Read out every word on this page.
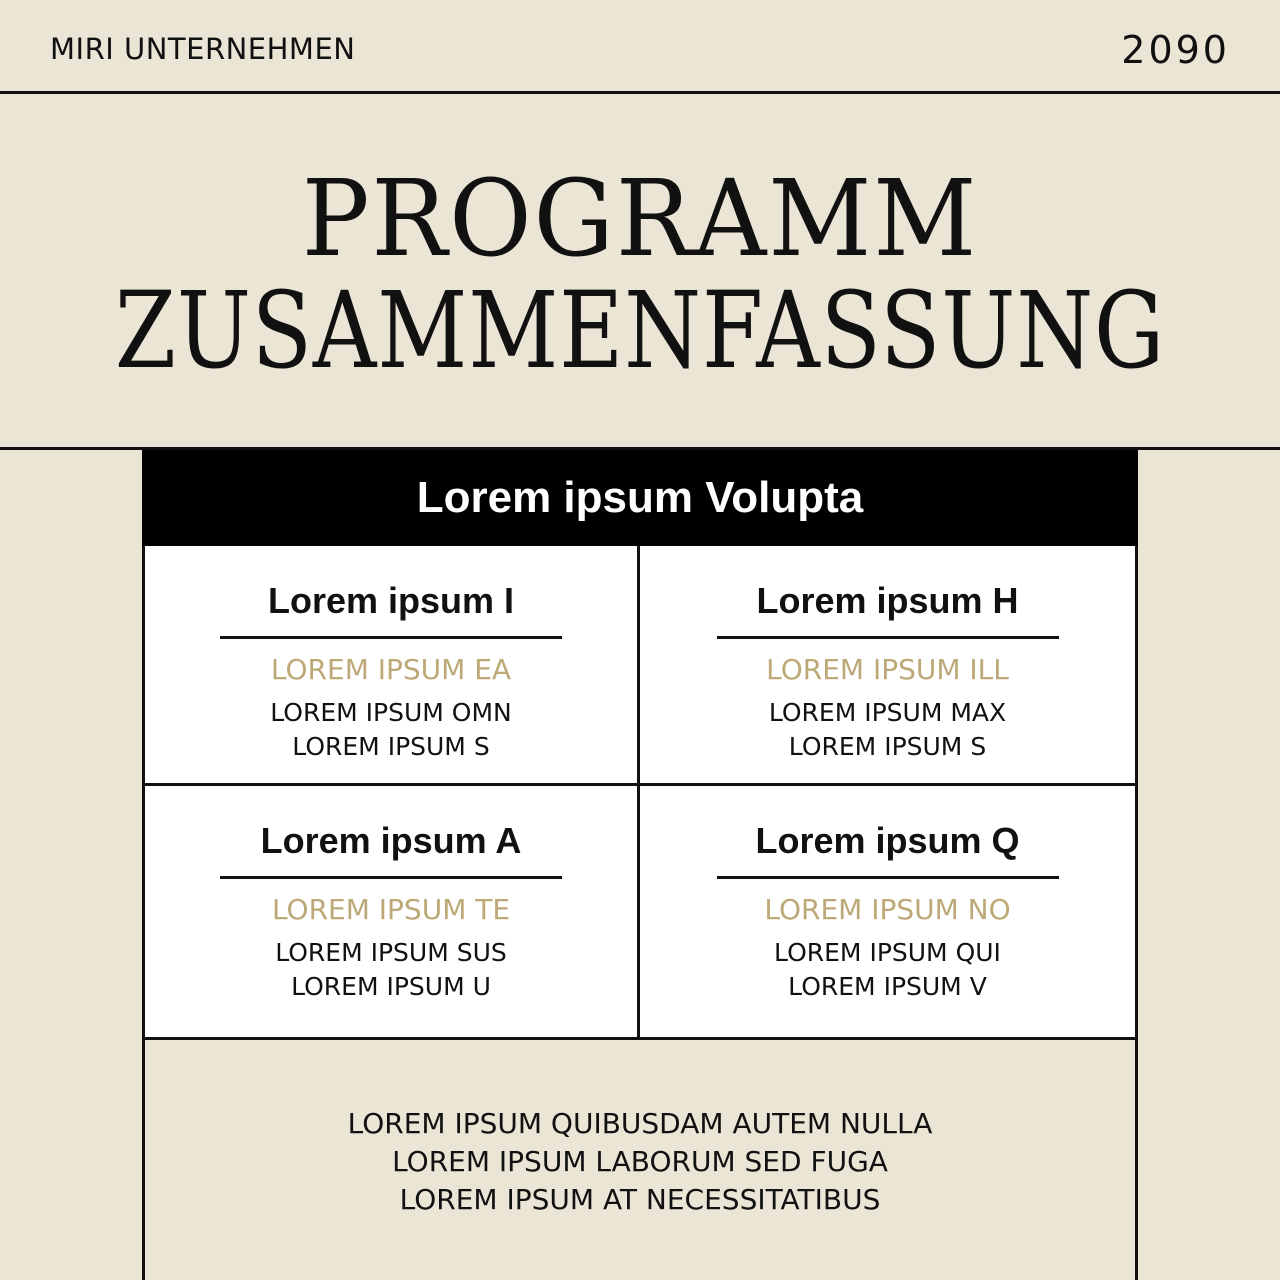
MIRI UNTERNEHMEN	2090
PROGRAMM
ZUSAMMENFASSUNG
Lorem ipsum Volupta
Lorem ipsum I
LOREM IPSUM EA
LOREM IPSUM OMN
LOREM IPSUM S
Lorem ipsum H
LOREM IPSUM ILL
LOREM IPSUM MAX
LOREM IPSUM S
Lorem ipsum A
LOREM IPSUM TE
LOREM IPSUM SUS
LOREM IPSUM U
Lorem ipsum Q
LOREM IPSUM NO
LOREM IPSUM QUI
LOREM IPSUM V
LOREM IPSUM QUIBUSDAM AUTEM NULLA
LOREM IPSUM LABORUM SED FUGA
LOREM IPSUM AT NECESSITATIBUS
